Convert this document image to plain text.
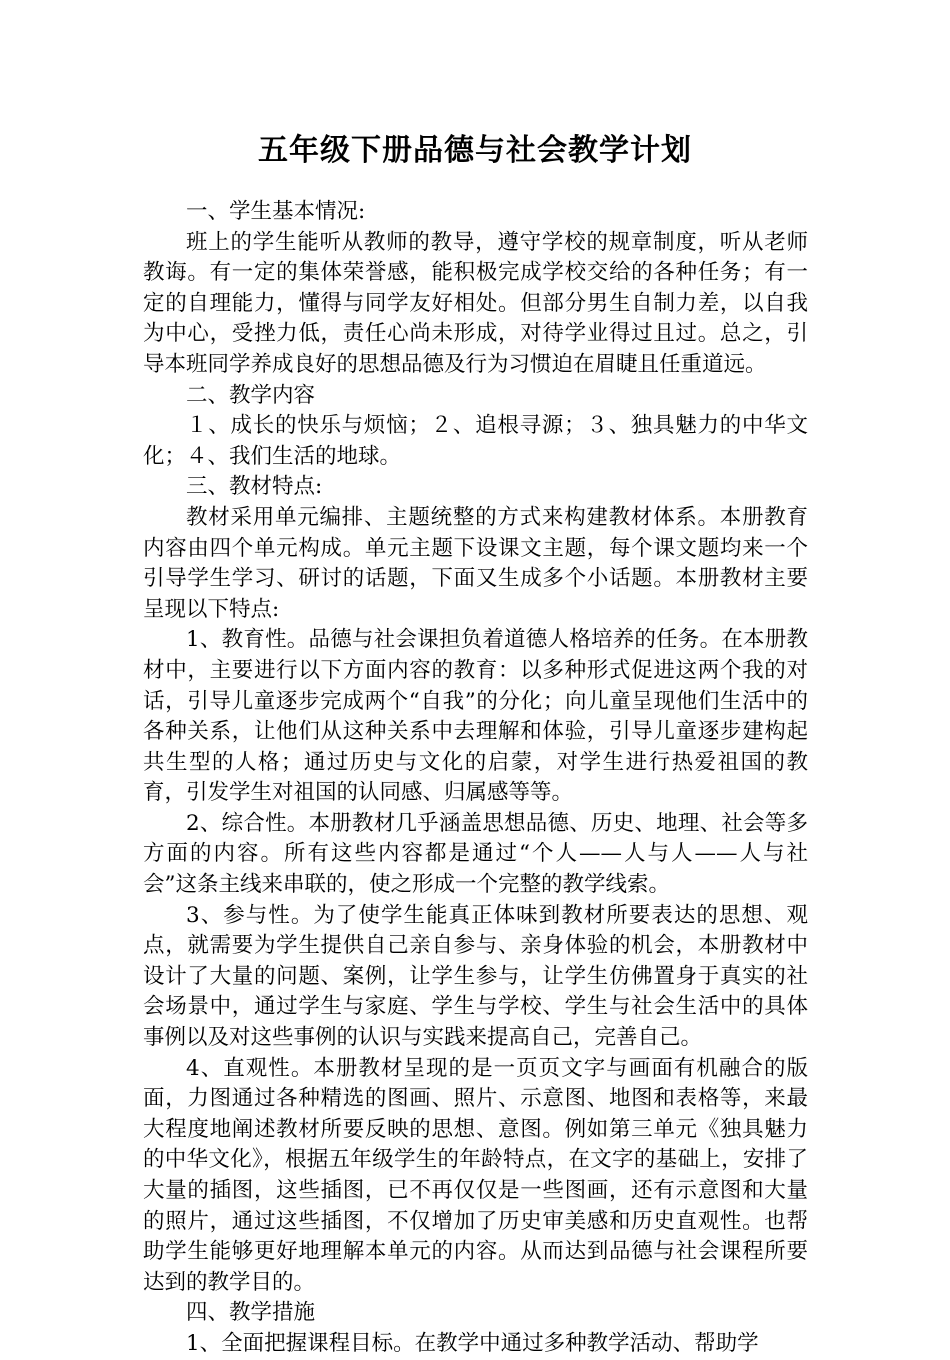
五年级下册品德与社会教学计划

一、学生基本情况:

班上的学生能听从教师的教导，遵守学校的规章制度，听从老师教诲。有一定的集体荣誉感，能积极完成学校交给的各种任务；有一定的自理能力，懂得与同学友好相处。但部分男生自制力差，以自我为中心，受挫力低，责任心尚未形成，对待学业得过且过。总之，引导本班同学养成良好的思想品德及行为习惯迫在眉睫且任重道远。

二、教学内容

１、成长的快乐与烦恼；２、追根寻源；３、独具魅力的中华文化；４、我们生活的地球。

三、教材特点:

教材采用单元编排、主题统整的方式来构建教材体系。本册教育内容由四个单元构成。单元主题下设课文主题，每个课文题均来一个引导学生学习、研讨的话题，下面又生成多个小话题。本册教材主要呈现以下特点:

1、教育性。品德与社会课担负着道德人格培养的任务。在本册教材中，主要进行以下方面内容的教育：以多种形式促进这两个我的对话，引导儿童逐步完成两个“自我”的分化；向儿童呈现他们生活中的各种关系，让他们从这种关系中去理解和体验，引导儿童逐步建构起共生型的人格；通过历史与文化的启蒙，对学生进行热爱祖国的教育，引发学生对祖国的认同感、归属感等等。

2、综合性。本册教材几乎涵盖思想品德、历史、地理、社会等多方面的内容。所有这些内容都是通过“个人——人与人——人与社会”这条主线来串联的，使之形成一个完整的教学线索。

3、参与性。为了使学生能真正体味到教材所要表达的思想、观点，就需要为学生提供自己亲自参与、亲身体验的机会，本册教材中设计了大量的问题、案例，让学生参与，让学生仿佛置身于真实的社会场景中，通过学生与家庭、学生与学校、学生与社会生活中的具体事例以及对这些事例的认识与实践来提高自己，完善自己。

4、直观性。本册教材呈现的是一页页文字与画面有机融合的版面，力图通过各种精选的图画、照片、示意图、地图和表格等，来最大程度地阐述教材所要反映的思想、意图。例如第三单元《独具魅力的中华文化》，根据五年级学生的年龄特点，在文字的基础上，安排了大量的插图，这些插图，已不再仅仅是一些图画，还有示意图和大量的照片，通过这些插图，不仅增加了历史审美感和历史直观性。也帮助学生能够更好地理解本单元的内容。从而达到品德与社会课程所要达到的教学目的。

四、教学措施

1、全面把握课程目标。在教学中通过多种教学活动、帮助学
